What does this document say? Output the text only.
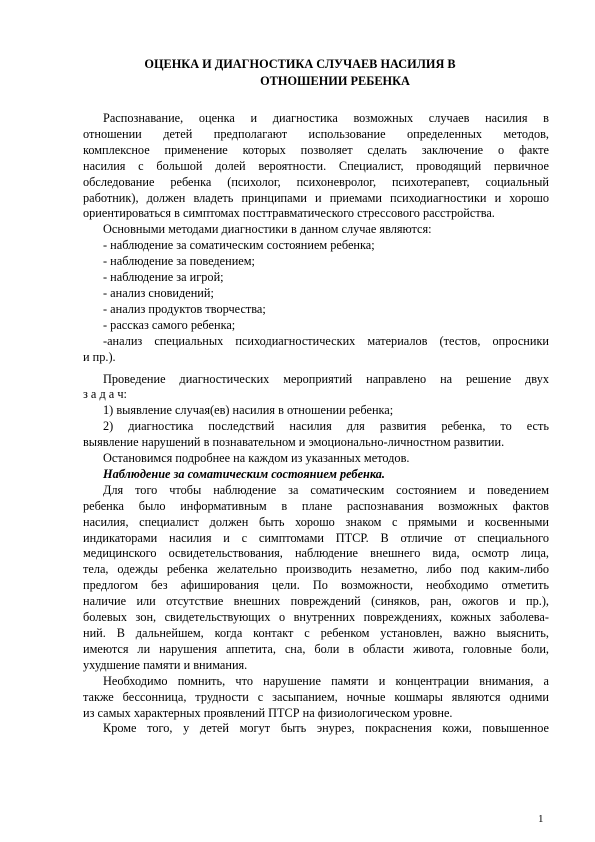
ОЦЕНКА И ДИАГНОСТИКА СЛУЧАЕВ НАСИЛИЯ В
ОТНОШЕНИИ РЕБЕНКА
Распознавание, оценка и диагностика возможных случаев насилия в
отношении детей предполагают использование определенных методов,
комплексное применение которых позволяет сделать заключение о факте
насилия с большой долей вероятности. Специалист, проводящий первичное
обследование ребенка (психолог, психоневролог, психотерапевт, социальный
работник), должен владеть принципами и приемами психодиагностики и хорошо
ориентироваться в симптомах посттравматического стрессового расстройства.
Основными методами диагностики в данном случае являются:
- наблюдение за соматическим состоянием ребенка;
- наблюдение за поведением;
- наблюдение за игрой;
- анализ сновидений;
- анализ продуктов творчества;
- рассказ самого ребенка;
-анализ специальных психодиагностических материалов (тестов, опросники
и пр.).
Проведение диагностических мероприятий направлено на решение двух
з а д а ч:
1) выявление случая(ев) насилия в отношении ребенка;
2) диагностика последствий насилия для развития ребенка, то есть
выявление нарушений в познавательном и эмоционально-личностном развитии.
Остановимся подробнее на каждом из указанных методов.
Наблюдение за соматическим состоянием ребенка.
Для того чтобы наблюдение за соматическим состоянием и поведением
ребенка было информативным в плане распознавания возможных фактов
насилия, специалист должен быть хорошо знаком с прямыми и косвенными
индикаторами насилия и с симптомами ПТСР. В отличие от специального
медицинского освидетельствования, наблюдение внешнего вида, осмотр лица,
тела, одежды ребенка желательно производить незаметно, либо под каким-либо
предлогом без афиширования цели. По возможности, необходимо отметить
наличие или отсутствие внешних повреждений (синяков, ран, ожогов и пр.),
болевых зон, свидетельствующих о внутренних повреждениях, кожных заболева-
ний. В дальнейшем, когда контакт с ребенком установлен, важно выяснить,
имеются ли нарушения аппетита, сна, боли в области живота, головные боли,
ухудшение памяти и внимания.
Необходимо помнить, что нарушение памяти и концентрации внимания, а
также бессонница, трудности с засыпанием, ночные кошмары являются одними
из самых характерных проявлений ПТСР на физиологическом уровне.
Кроме того, у детей могут быть энурез, покраснения кожи, повышенное
1
